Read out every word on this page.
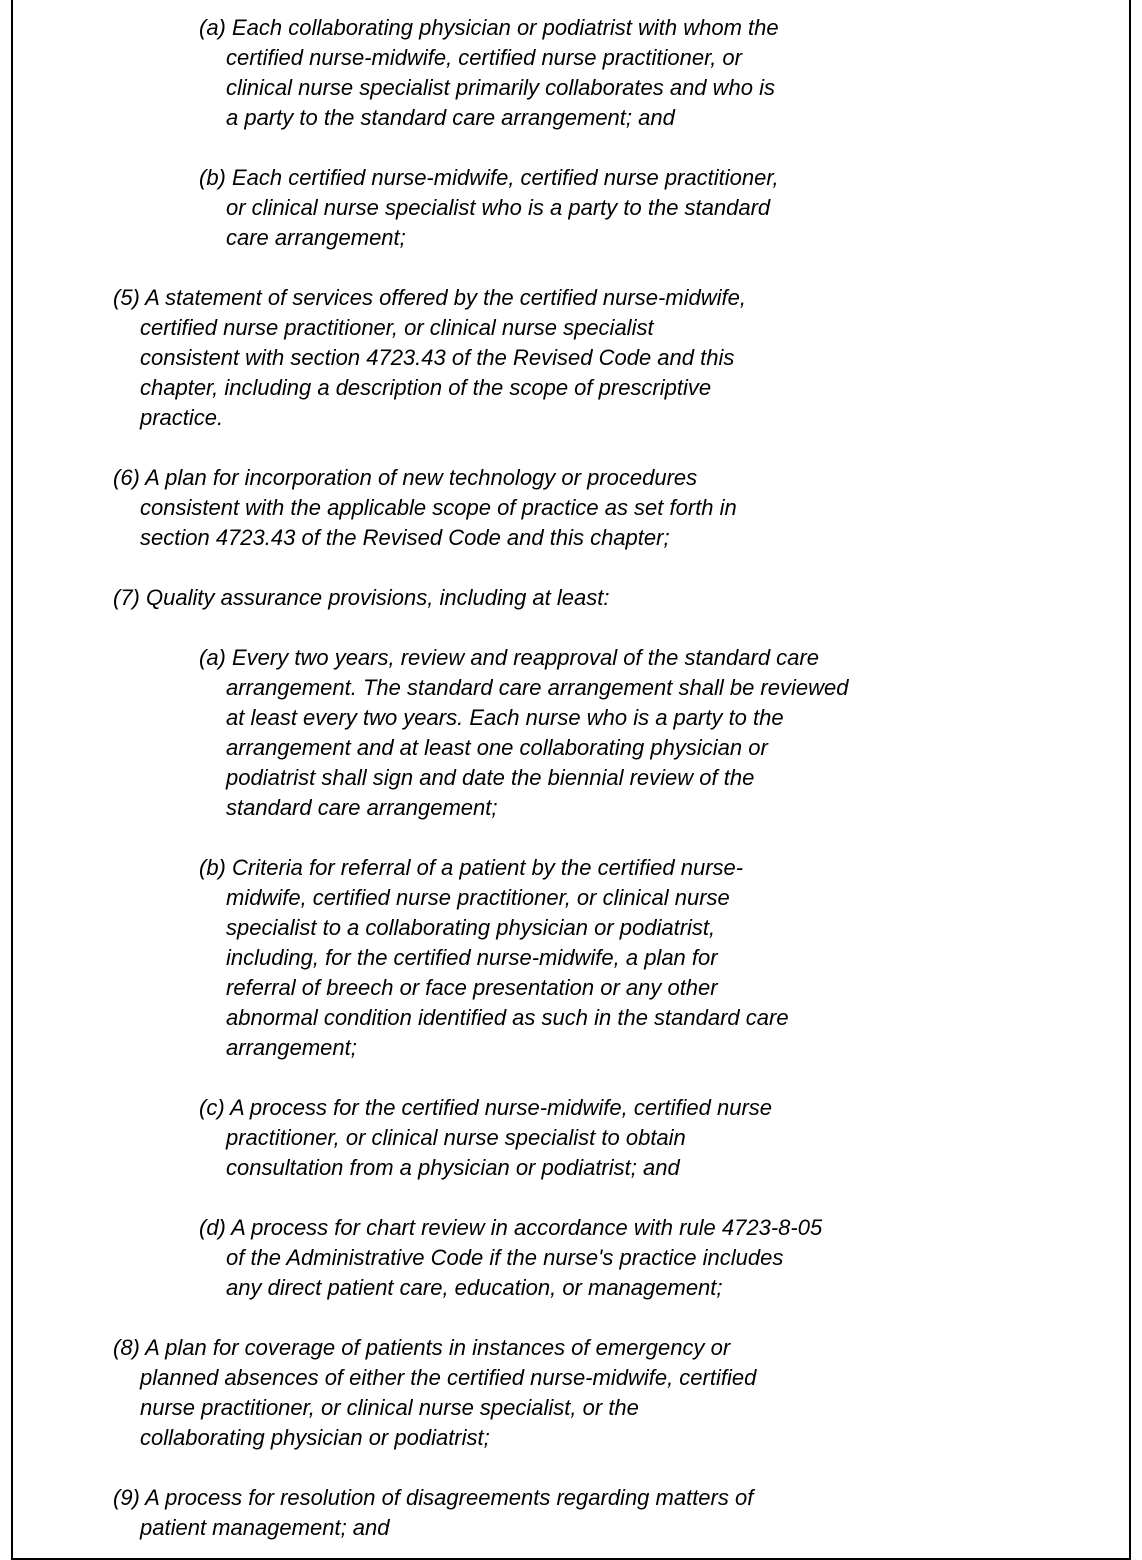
(a) Each collaborating physician or podiatrist with whom the
certified nurse-midwife, certified nurse practitioner, or
clinical nurse specialist primarily collaborates and who is
a party to the standard care arrangement; and
(b) Each certified nurse-midwife, certified nurse practitioner,
or clinical nurse specialist who is a party to the standard
care arrangement;
(5) A statement of services offered by the certified nurse-midwife,
certified nurse practitioner, or clinical nurse specialist
consistent with section 4723.43 of the Revised Code and this
chapter, including a description of the scope of prescriptive
practice.
(6) A plan for incorporation of new technology or procedures
consistent with the applicable scope of practice as set forth in
section 4723.43 of the Revised Code and this chapter;
(7) Quality assurance provisions, including at least:
(a) Every two years, review and reapproval of the standard care
arrangement. The standard care arrangement shall be reviewed
at least every two years. Each nurse who is a party to the
arrangement and at least one collaborating physician or
podiatrist shall sign and date the biennial review of the
standard care arrangement;
(b) Criteria for referral of a patient by the certified nurse-
midwife, certified nurse practitioner, or clinical nurse
specialist to a collaborating physician or podiatrist,
including, for the certified nurse-midwife, a plan for
referral of breech or face presentation or any other
abnormal condition identified as such in the standard care
arrangement;
(c) A process for the certified nurse-midwife, certified nurse
practitioner, or clinical nurse specialist to obtain
consultation from a physician or podiatrist; and
(d) A process for chart review in accordance with rule 4723-8-05
of the Administrative Code if the nurse's practice includes
any direct patient care, education, or management;
(8) A plan for coverage of patients in instances of emergency or
planned absences of either the certified nurse-midwife, certified
nurse practitioner, or clinical nurse specialist, or the
collaborating physician or podiatrist;
(9) A process for resolution of disagreements regarding matters of
patient management; and
